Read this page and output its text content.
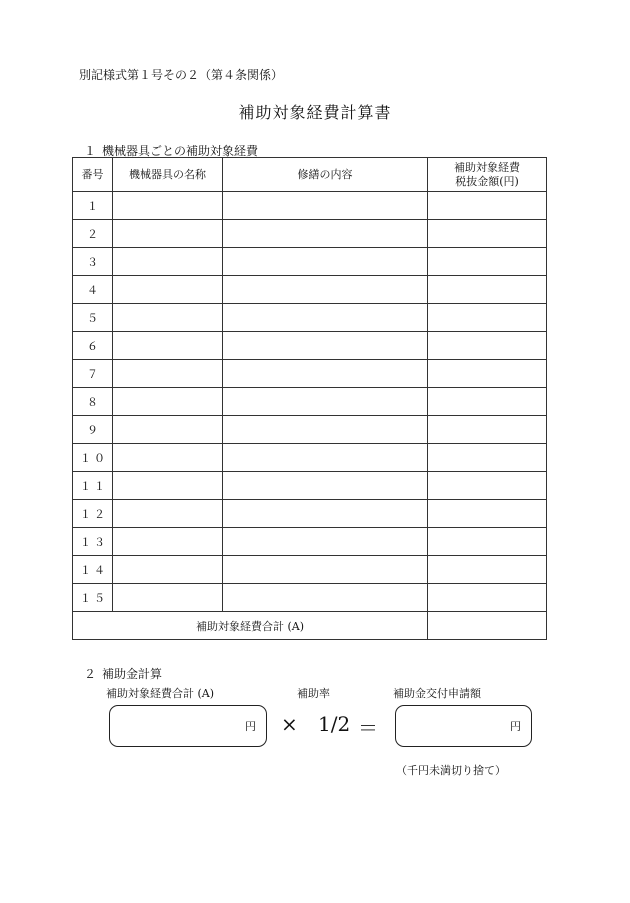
別記様式第１号その２（第４条関係）
補助対象経費計算書
１ 機械器具ごとの補助対象経費
番号	機械器具の名称	修繕の内容	補助対象経費
税抜金額(円)

１			
２			
３			
４			
５			
６			
７			
８			
９			
１０			
１１			
１２			
１３			
１４			
１５			
補助対象経費合計 (A)			
２ 補助金計算
補助対象経費合計 (A)	補助率	補助金交付申請額
円 × 1/2 ＝	円
（千円未満切り捨て）
